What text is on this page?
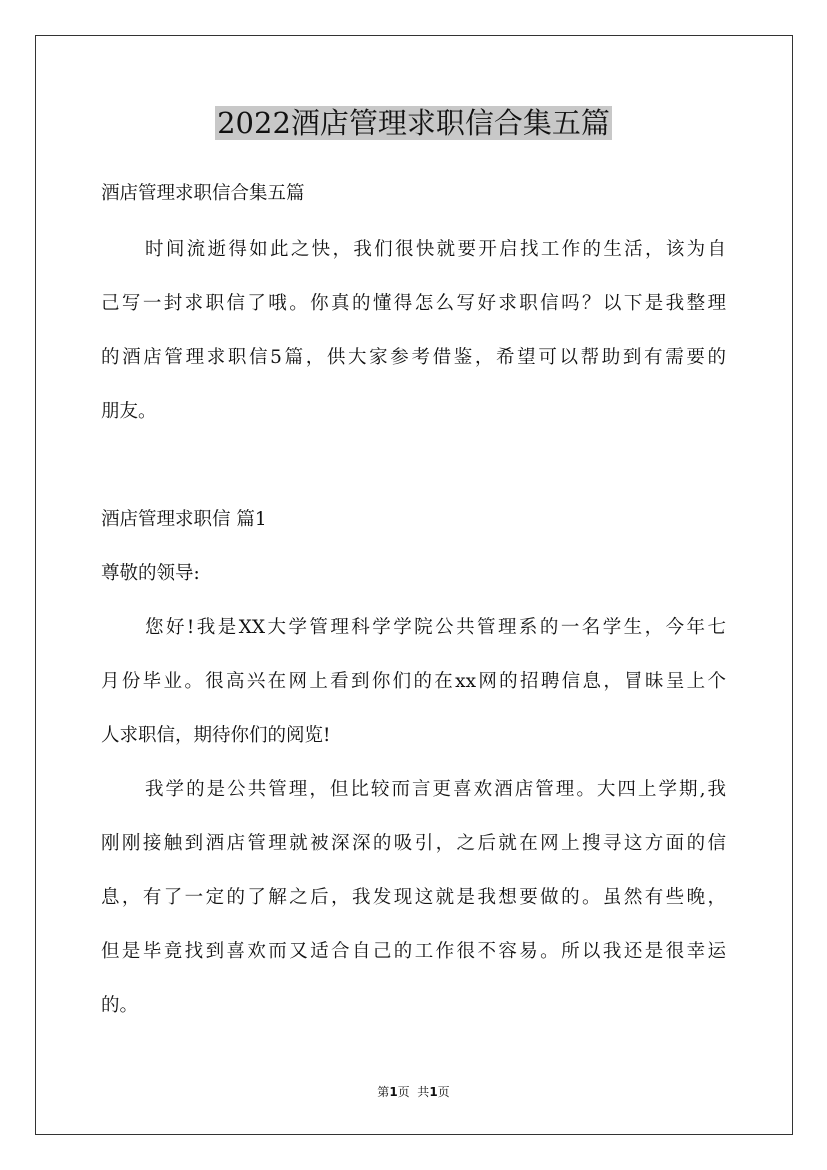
2022酒店管理求职信合集五篇
酒店管理求职信合集五篇
时间流逝得如此之快，我们很快就要开启找工作的生活，该为自
己写一封求职信了哦。你真的懂得怎么写好求职信吗？以下是我整理
的酒店管理求职信5篇，供大家参考借鉴，希望可以帮助到有需要的
朋友。
酒店管理求职信 篇1
尊敬的领导:
您好!我是XX大学管理科学学院公共管理系的一名学生，今年七
月份毕业。很高兴在网上看到你们的在xx网的招聘信息，冒昧呈上个
人求职信，期待你们的阅览!
我学的是公共管理，但比较而言更喜欢酒店管理。大四上学期,我
刚刚接触到酒店管理就被深深的吸引，之后就在网上搜寻这方面的信
息，有了一定的了解之后，我发现这就是我想要做的。虽然有些晚，
但是毕竟找到喜欢而又适合自己的工作很不容易。所以我还是很幸运
的。
第1页  共1页
